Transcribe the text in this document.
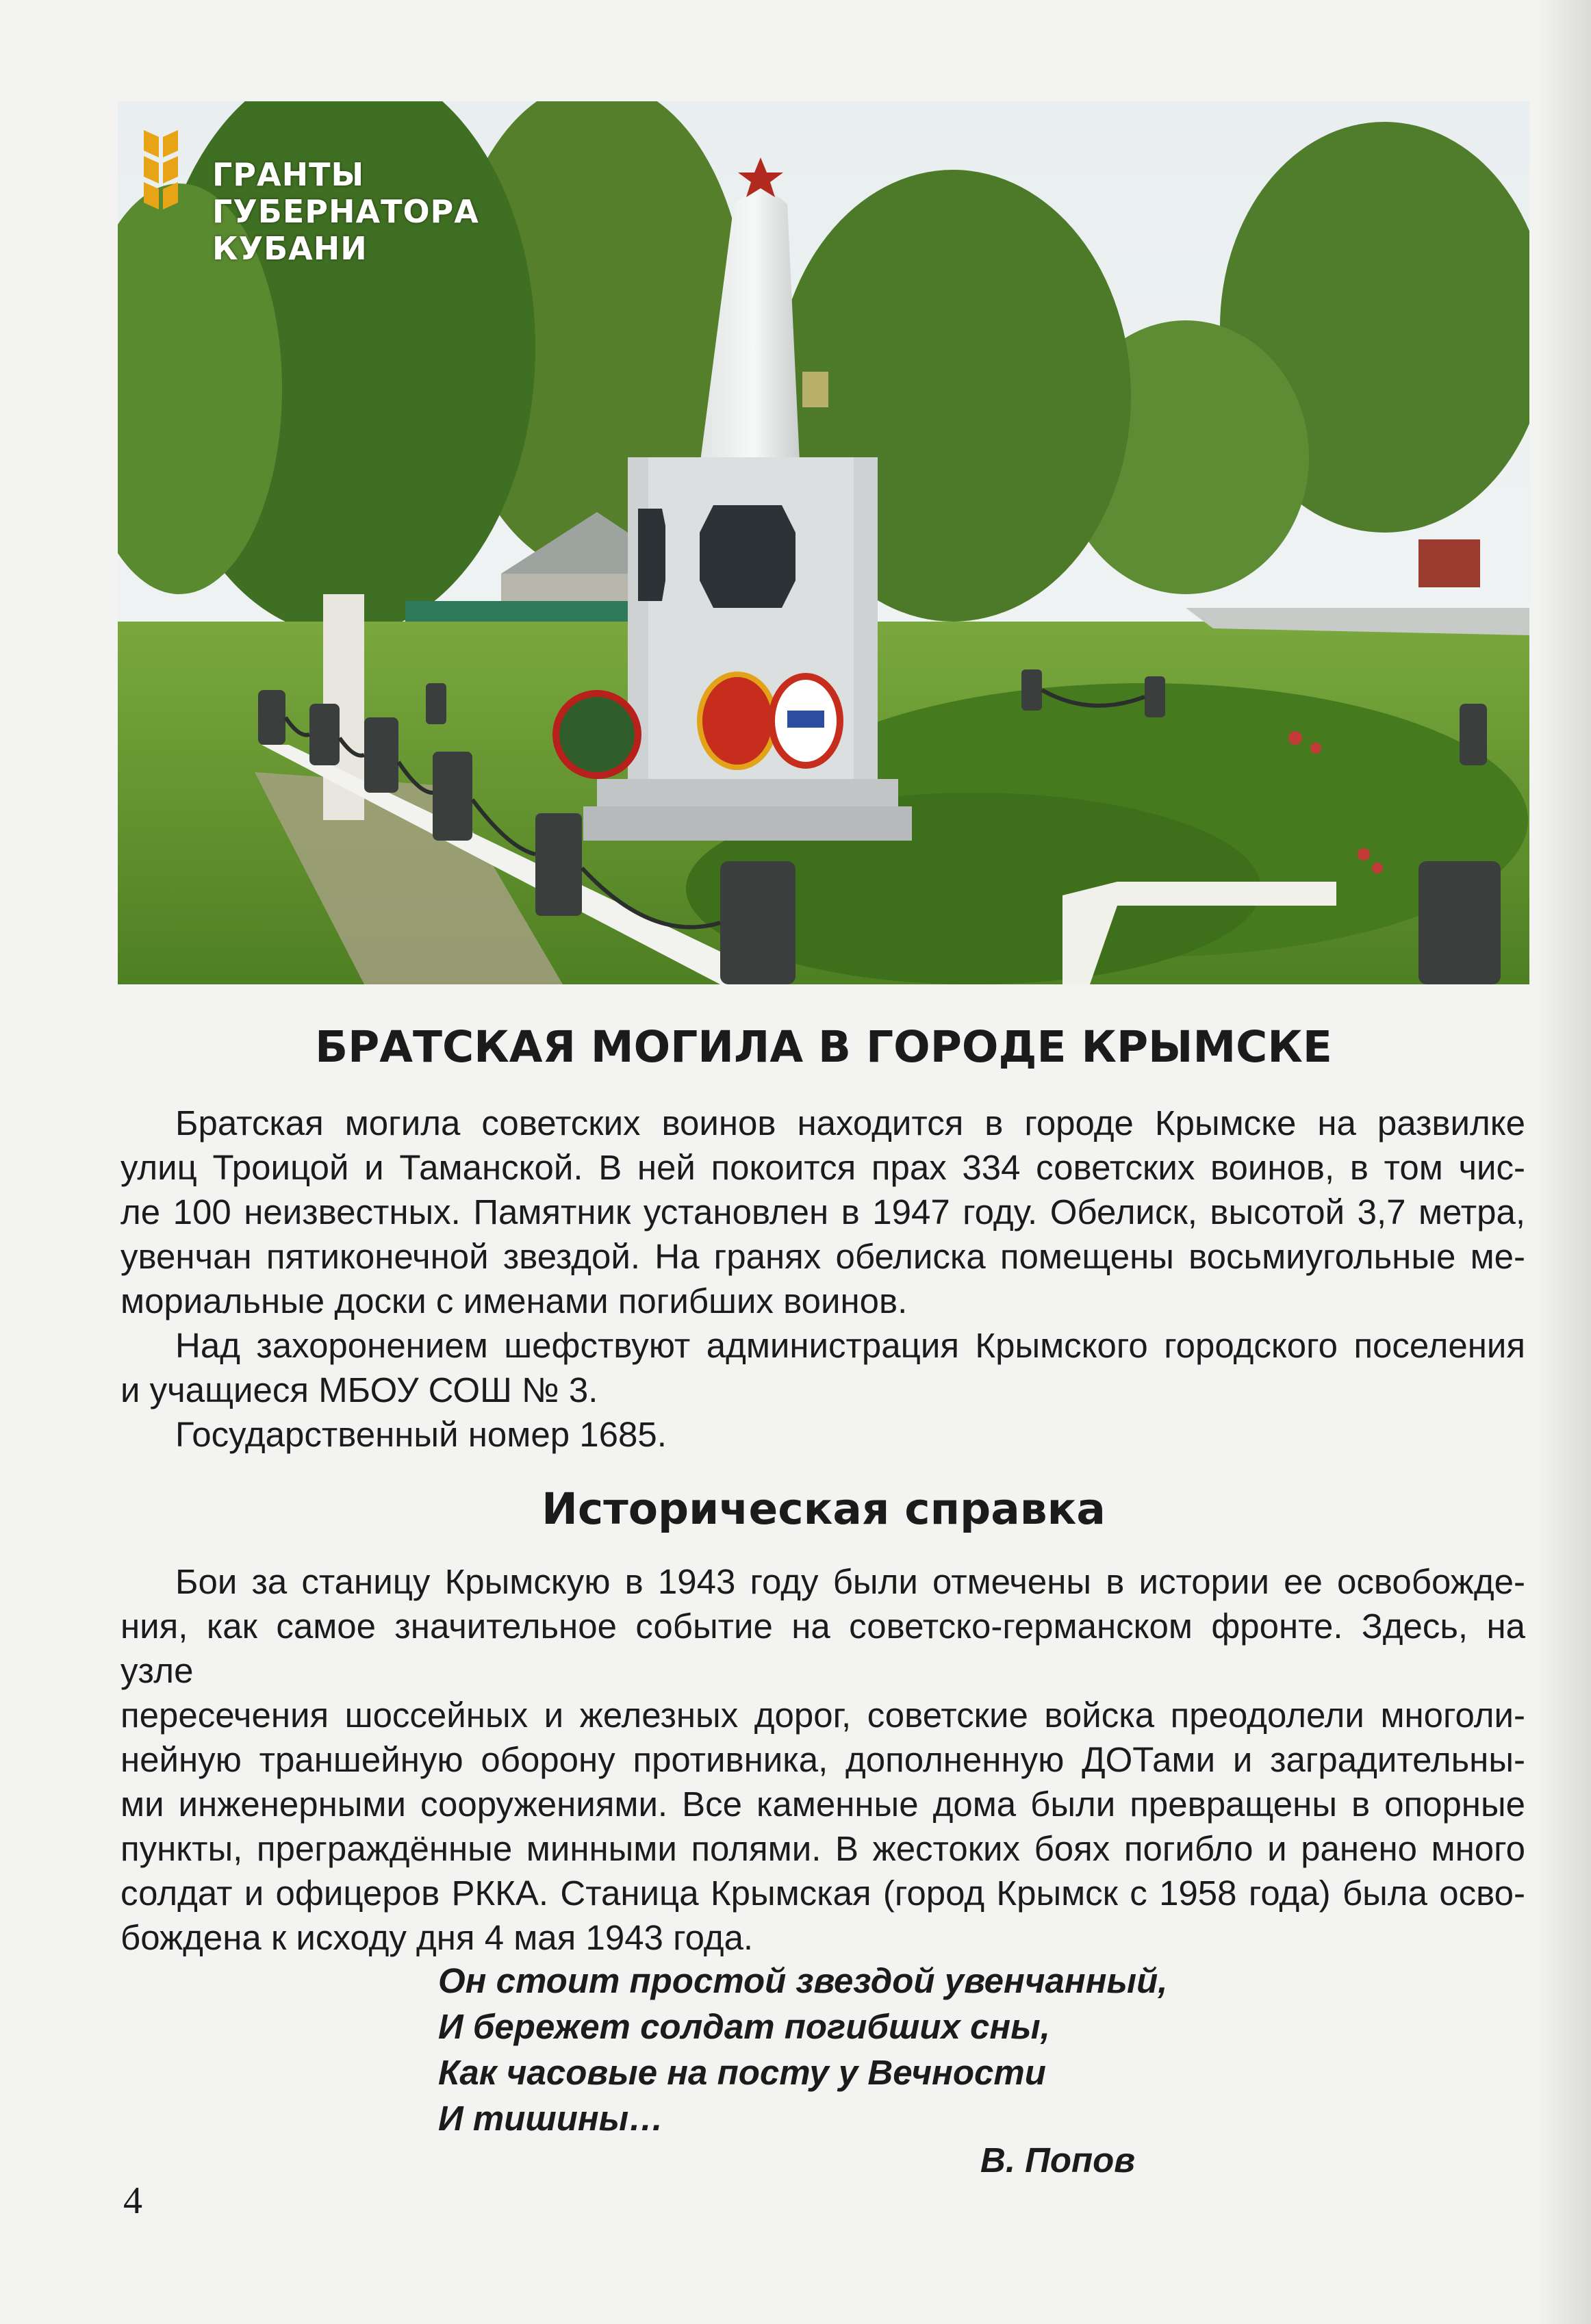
ГРАНТЫ
ГУБЕРНАТОРА
КУБАНИ
БРАТСКАЯ МОГИЛА В ГОРОДЕ КРЫМСКЕ
Братская могила советских воинов находится в городе Крымске на развилке
улиц Троицой и Таманской. В ней покоится прах 334 советских воинов, в том чис-
ле 100 неизвестных. Памятник установлен в 1947 году. Обелиск, высотой 3,7 метра,
увенчан пятиконечной звездой. На гранях обелиска помещены восьмиугольные ме-
мориальные доски с именами погибших воинов.
Над захоронением шефствуют администрация Крымского городского поселения
и учащиеся МБОУ СОШ № 3.
Государственный номер 1685.
Историческая справка
Бои за станицу Крымскую в 1943 году были отмечены в истории ее освобожде-
ния, как самое значительное событие на советско-германском фронте. Здесь, на узле
пересечения шоссейных и железных дорог, советские войска преодолели многоли-
нейную траншейную оборону противника, дополненную ДОТами и заградительны-
ми инженерными сооружениями. Все каменные дома были превращены в опорные
пункты, преграждённые минными полями. В жестоких боях погибло и ранено много
солдат и офицеров РККА. Станица Крымская (город Крымск с 1958 года) была осво-
бождена к исходу дня 4 мая 1943 года.
Он стоит простой звездой увенчанный,
И бережет солдат погибших сны,
Как часовые на посту у Вечности
И тишины…
В. Попов
4
